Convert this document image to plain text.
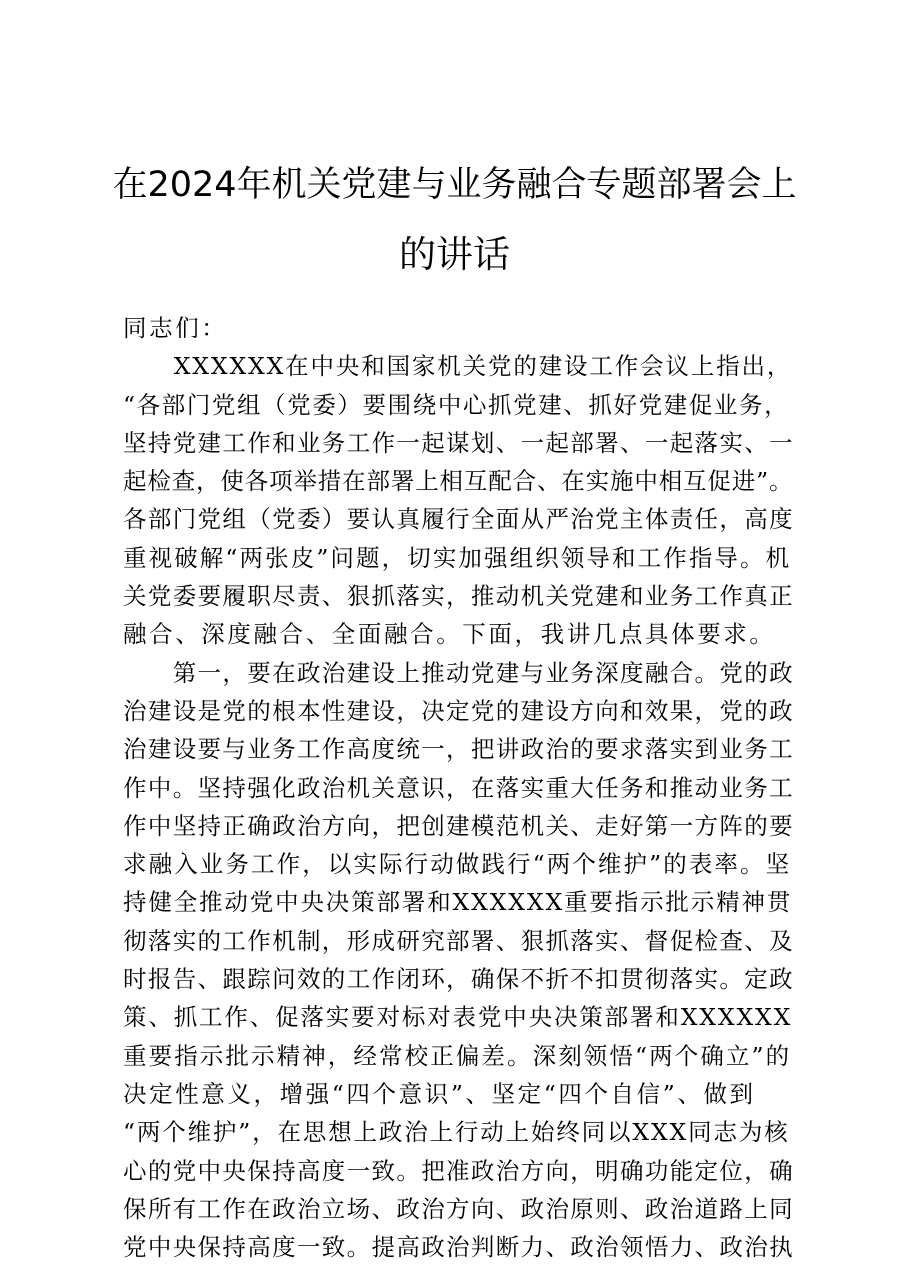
在2024年机关党建与业务融合专题部署会上
的讲话
同志们：
　　XXXXXX在中央和国家机关党的建设工作会议上指出，
“各部门党组（党委）要围绕中心抓党建、抓好党建促业务，
坚持党建工作和业务工作一起谋划、一起部署、一起落实、一
起检查，使各项举措在部署上相互配合、在实施中相互促进”。
各部门党组（党委）要认真履行全面从严治党主体责任，高度
重视破解“两张皮”问题，切实加强组织领导和工作指导。机
关党委要履职尽责、狠抓落实，推动机关党建和业务工作真正
融合、深度融合、全面融合。下面，我讲几点具体要求。
　　第一，要在政治建设上推动党建与业务深度融合。党的政
治建设是党的根本性建设，决定党的建设方向和效果，党的政
治建设要与业务工作高度统一，把讲政治的要求落实到业务工
作中。坚持强化政治机关意识，在落实重大任务和推动业务工
作中坚持正确政治方向，把创建模范机关、走好第一方阵的要
求融入业务工作，以实际行动做践行“两个维护”的表率。坚
持健全推动党中央决策部署和XXXXXX重要指示批示精神贯
彻落实的工作机制，形成研究部署、狠抓落实、督促检查、及
时报告、跟踪问效的工作闭环，确保不折不扣贯彻落实。定政
策、抓工作、促落实要对标对表党中央决策部署和XXXXXX
重要指示批示精神，经常校正偏差。深刻领悟“两个确立”的
决定性意义，增强“四个意识”、坚定“四个自信”、做到
“两个维护”，在思想上政治上行动上始终同以XXX同志为核
心的党中央保持高度一致。把准政治方向，明确功能定位，确
保所有工作在政治立场、政治方向、政治原则、政治道路上同
党中央保持高度一致。提高政治判断力、政治领悟力、政治执
